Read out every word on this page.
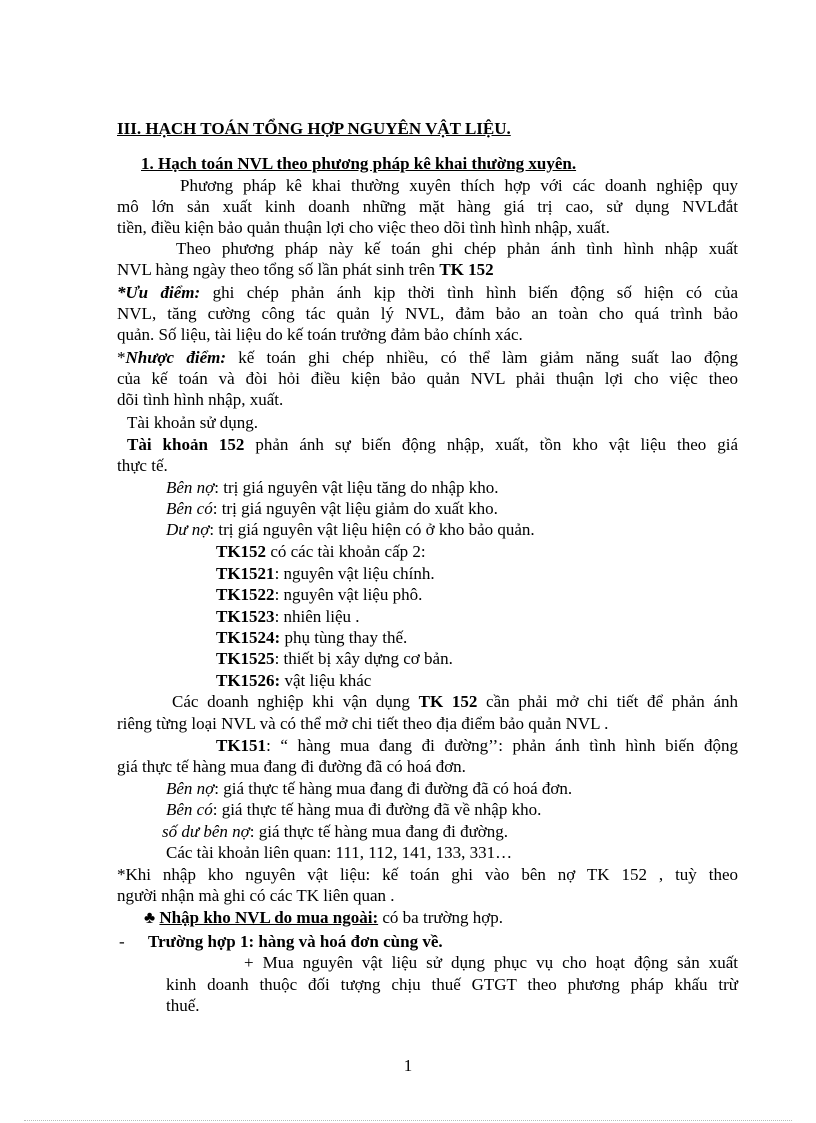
III. HẠCH TOÁN TỔNG HỢP NGUYÊN VẬT LIỆU.
1. Hạch toán NVL theo phương pháp kê khai thường xuyên.
Phương pháp kê khai thường xuyên thích hợp với các doanh nghiệp quy
mô lớn sản xuất kinh doanh những mặt hàng giá trị cao, sử dụng NVLđắt
tiền, điều kiện bảo quản thuận lợi cho việc theo dõi tình hình nhập, xuất.
Theo phương pháp này kế toán ghi chép phản ánh tình hình nhập xuất
NVL hàng ngày theo tổng số lần phát sinh trên TK 152
*Ưu điểm: ghi chép phản ánh kịp thời tình hình biến động số hiện có của
NVL, tăng cường công tác quản lý NVL, đảm bảo an toàn cho quá trình bảo
quản. Số liệu, tài liệu do kế toán trưởng đảm bảo chính xác.
*Nhược điểm: kế toán ghi chép nhiều, có thể làm giảm năng suất lao động
của kế toán và đòi hỏi điều kiện bảo quản NVL phải thuận lợi cho việc theo
dõi tình hình nhập, xuất.
Tài khoản sử dụng.
Tài khoản 152 phản ánh sự biến động nhập, xuất, tồn kho vật liệu theo giá
thực tế.
Bên nợ: trị giá nguyên vật liệu tăng do nhập kho.
Bên có: trị giá nguyên vật liệu giảm do xuất kho.
Dư nợ: trị giá nguyên vật liệu hiện có ở kho bảo quản.
TK152 có các tài khoản cấp 2:
TK1521: nguyên vật liệu chính.
TK1522: nguyên vật liệu phô.
TK1523: nhiên liệu .
TK1524: phụ tùng thay thế.
TK1525: thiết bị xây dựng cơ bản.
TK1526: vật liệu khác
Các doanh nghiệp khi vận dụng TK 152 cần phải mở chi tiết để phản ánh
riêng từng loại NVL và có thể mở chi tiết theo địa điểm bảo quản NVL .
TK151: “ hàng mua đang đi đường’’: phản ánh tình hình biến động
giá thực tế hàng mua đang đi đường đã có hoá đơn.
Bên nợ: giá thực tế hàng mua đang đi đường đã có hoá đơn.
Bên có: giá thực tế hàng mua đi đường đã về nhập kho.
số dư bên nợ: giá thực tế hàng mua đang đi đường.
Các tài khoản liên quan: 111, 112, 141, 133, 331…
*Khi nhập kho nguyên vật liệu: kế toán ghi vào bên nợ TK 152 , tuỳ theo
người nhận mà ghi có các TK liên quan .
♣ Nhập kho NVL do mua ngoài: có ba trường hợp.
- Trường hợp 1: hàng và hoá đơn cùng về.
+ Mua nguyên vật liệu sử dụng phục vụ cho hoạt động sản xuất
kinh doanh thuộc đối tượng chịu thuế GTGT theo phương pháp khấu trừ
thuế.
1
